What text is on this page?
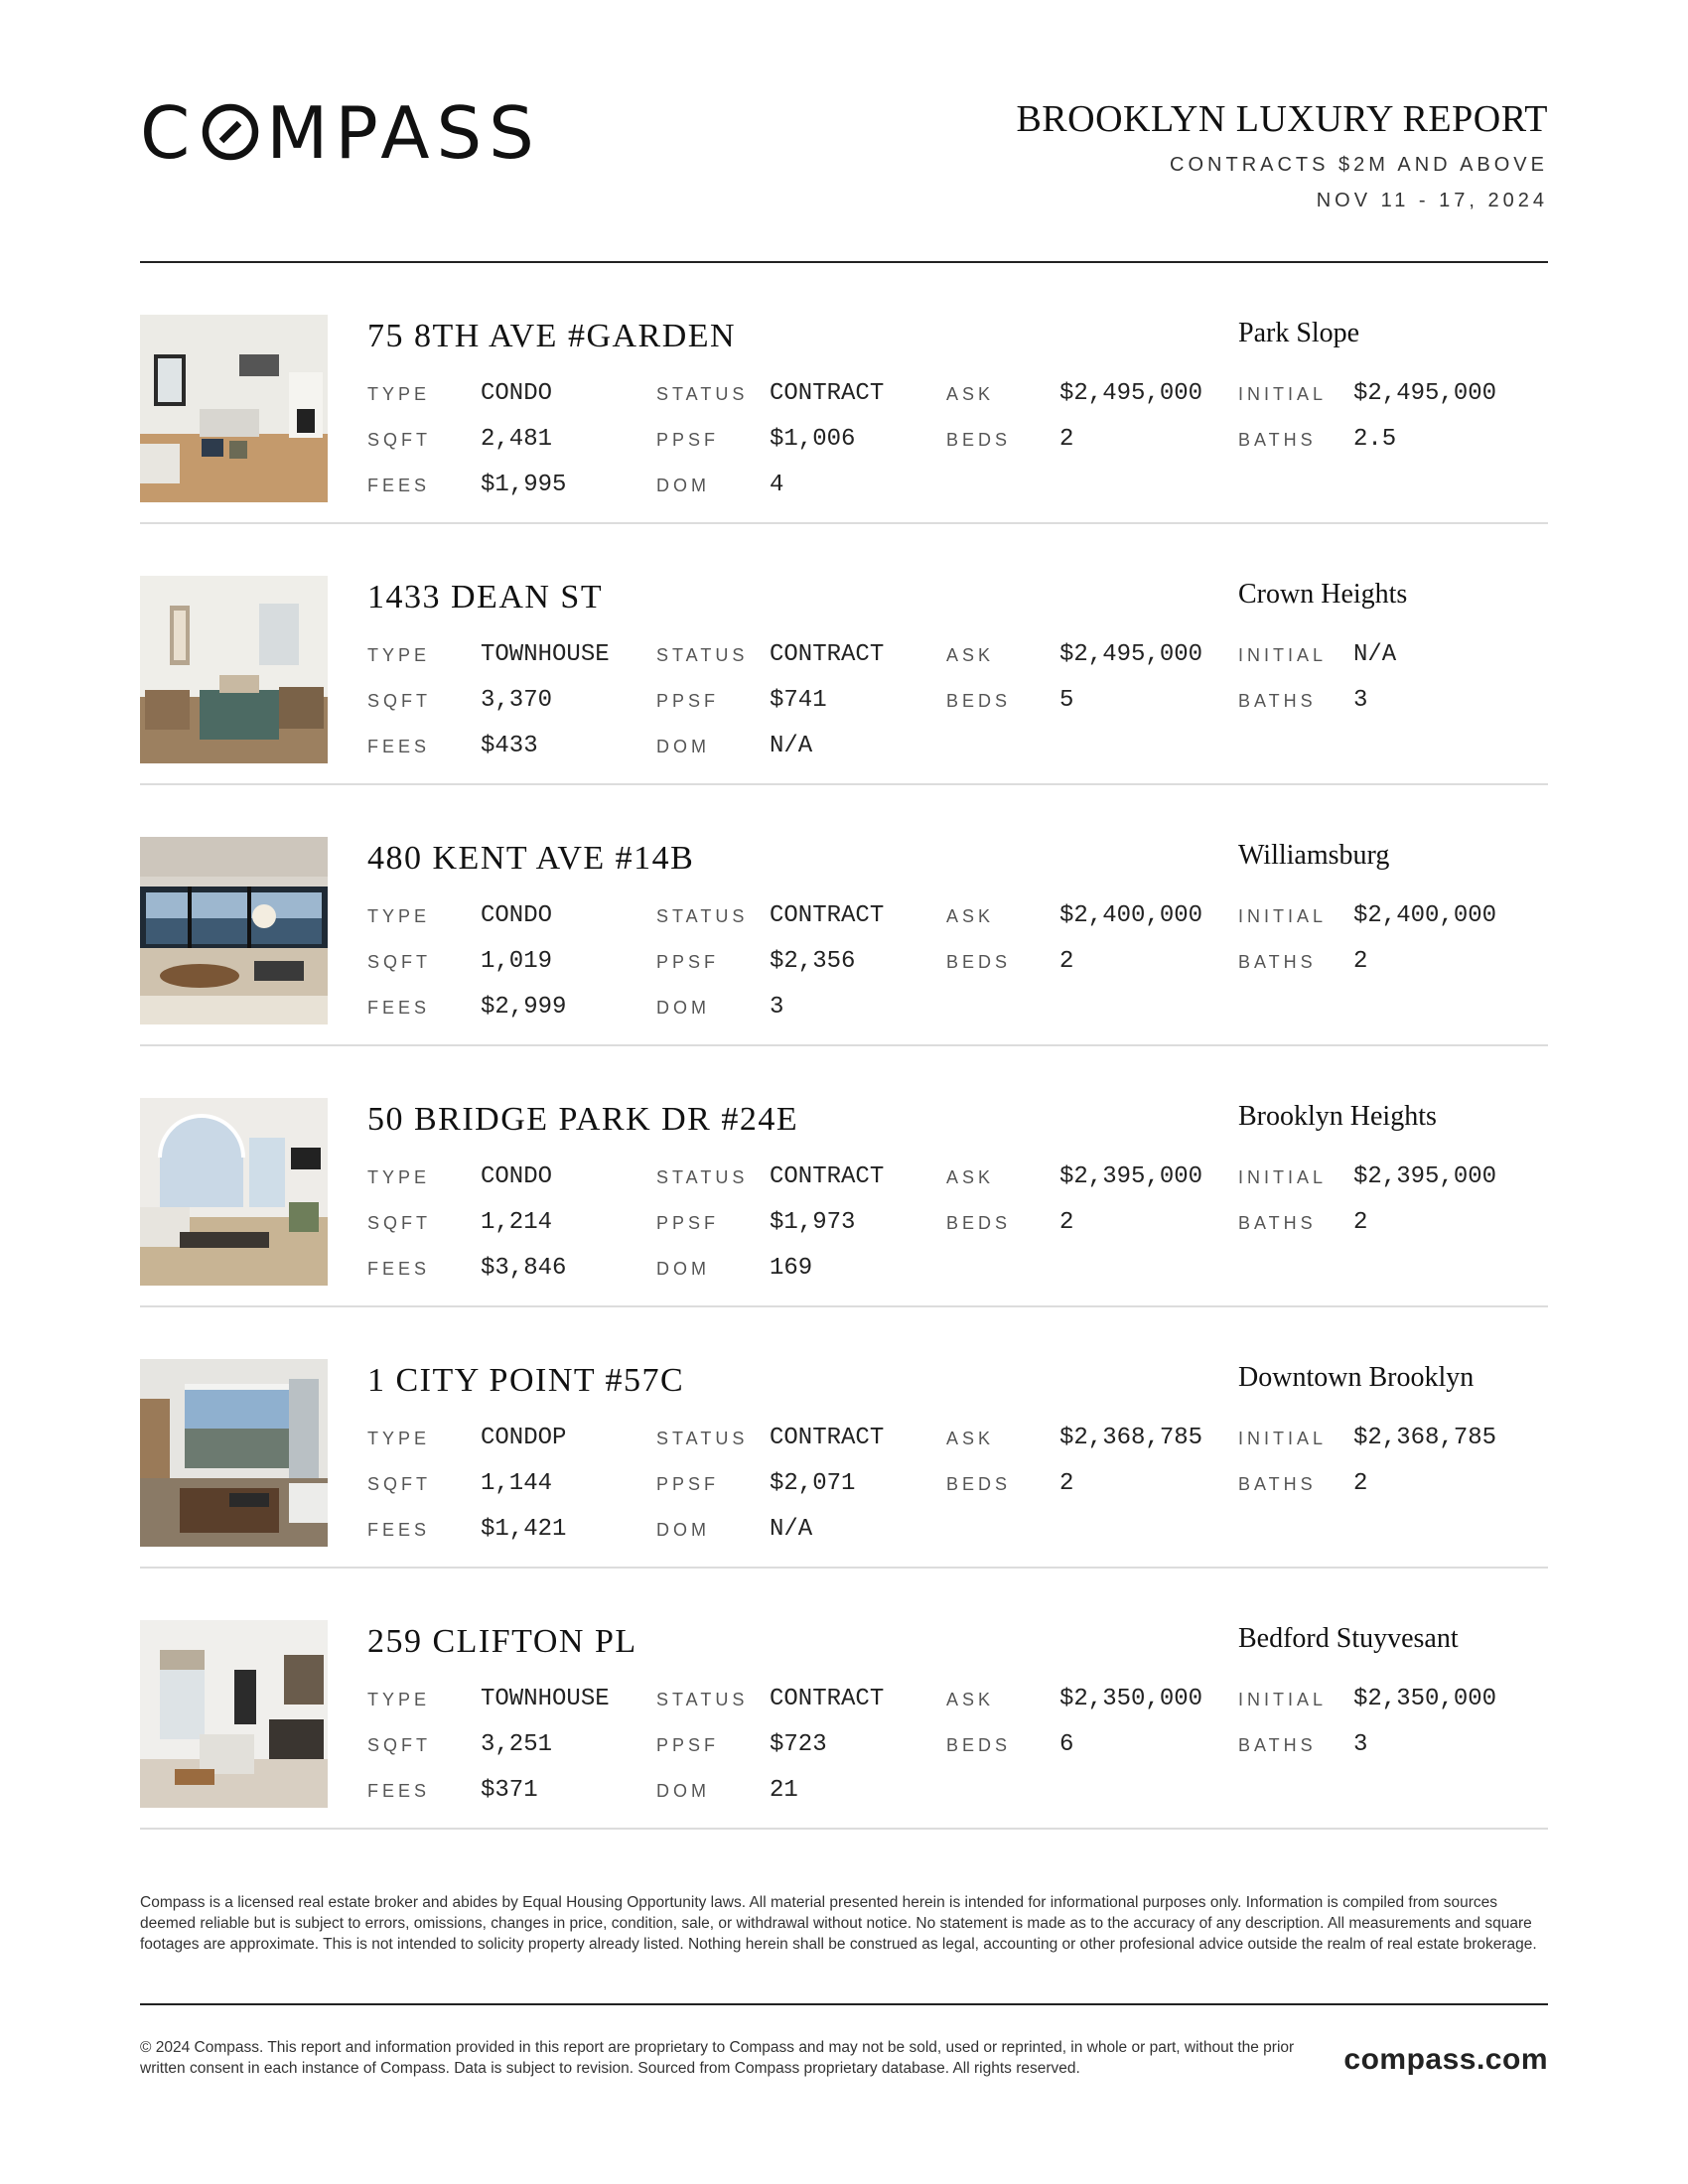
C MPASS	BROOKLYN LUXURY REPORT
CONTRACTS $2M AND ABOVE
NOV 11 - 17, 2024
75 8TH AVE #GARDEN	Park Slope
TYPE CONDO	STATUS CONTRACT	ASK	$2,495,000 INITIAL $2,495,000
SQFT 2,481	PPSF $1,006	BEDS 2	BATHS 2.5
FEES $1,995	DOM	4
1433 DEAN ST	Crown Heights
TYPE TOWNHOUSE	STATUS CONTRACT	ASK	$2,495,000 INITIAL N/A
SQFT 3,370	PPSF $741	BEDS 5	BATHS 3
FEES $433	DOM	N/A
480 KENT AVE #14B	Williamsburg
TYPE CONDO	STATUS CONTRACT	ASK	$2,400,000 INITIAL $2,400,000
SQFT 1,019	PPSF $2,356	BEDS 2	BATHS 2
FEES $2,999	DOM	3
50 BRIDGE PARK DR #24E	Brooklyn Heights
TYPE CONDO	STATUS CONTRACT	ASK	$2,395,000 INITIAL $2,395,000
SQFT 1,214	PPSF $1,973	BEDS 2	BATHS 2
FEES $3,846	DOM	169
1 CITY POINT #57C	Downtown Brooklyn
TYPE CONDOP	STATUS CONTRACT	ASK	$2,368,785 INITIAL $2,368,785
SQFT 1,144	PPSF $2,071	BEDS 2	BATHS 2
FEES $1,421	DOM	N/A
259 CLIFTON PL	Bedford Stuyvesant
TYPE TOWNHOUSE	STATUS CONTRACT	ASK	$2,350,000 INITIAL $2,350,000
SQFT 3,251	PPSF $723	BEDS 6	BATHS 3
FEES $371	DOM	21
Compass is a licensed real estate broker and abides by Equal Housing Opportunity laws. All material presented herein is intended for informational purposes only. Information is compiled from sources deemed reliable but is subject to errors, omissions, changes in price, condition, sale, or withdrawal without notice. No statement is made as to the accuracy of any description. All measurements and square footages are approximate. This is not intended to solicity property already listed. Nothing herein shall be construed as legal, accounting or other profesional advice outside the realm of real estate brokerage.
© 2024 Compass. This report and information provided in this report are proprietary to Compass and may not be sold, used or reprinted, in whole or part, without the prior written consent in each instance of Compass. Data is subject to revision. Sourced from Compass proprietary database. All rights reserved.	compass.com
